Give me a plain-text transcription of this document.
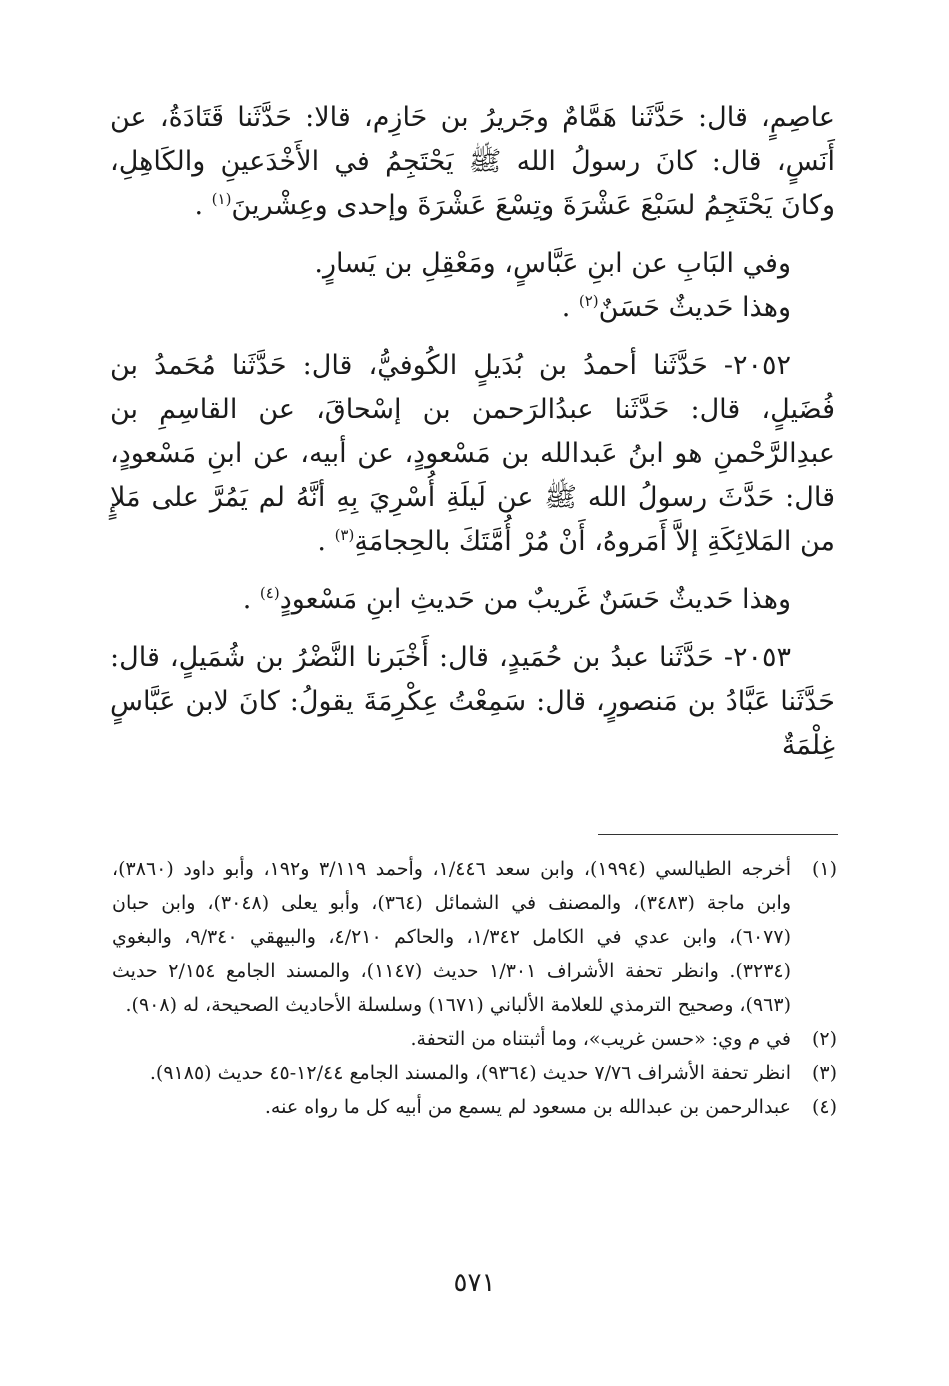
عاصِمٍ، قال: حَدَّثَنا هَمَّامٌ وجَريرُ بن حَازِم، قالا: حَدَّثَنا قَتَادَةُ، عن أَنَسٍ، قال: كانَ رسولُ الله ﷺ يَحْتَجِمُ في الأَخْدَعينِ والكَاهِلِ، وكانَ يَحْتَجِمُ لسَبْعَ عَشْرَةَ وتِسْعَ عَشْرَةَ وإحدى وعِشْرينَ$^{(١)}$ .

وفي البَابِ عن ابنِ عَبَّاسٍ، ومَعْقِلِ بن يَسارٍ.

وهذا حَديثٌ حَسَنٌ$^{(٢)}$ .

٢٠٥٢- حَدَّثَنا أحمدُ بن بُدَيلٍ الكُوفيُّ، قال: حَدَّثَنا مُحَمدُ بن فُضَيلٍ، قال: حَدَّثَنا عبدُالرَحمن بن إسْحاقَ، عن القاسِمِ بن عبدِالرَّحْمنِ هو ابنُ عَبدالله بن مَسْعودٍ، عن أبيه، عن ابنِ مَسْعودٍ، قال: حَدَّثَ رسولُ الله ﷺ عن لَيلَةِ أُسْرِيَ بِهِ أنَّهُ لم يَمُرَّ على مَلإٍ من المَلائِكَةِ إلاَّ أَمَروهُ، أَنْ مُرْ أُمَّتَكَ بالحِجامَةِ$^{(٣)}$ .

وهذا حَديثٌ حَسَنٌ غَريبٌ من حَديثِ ابنِ مَسْعودٍ$^{(٤)}$ .

٢٠٥٣- حَدَّثَنا عبدُ بن حُمَيدٍ، قال: أَخْبَرنا النَّضْرُ بن شُمَيلٍ، قال: حَدَّثَنا عَبَّادُ بن مَنصورٍ، قال: سَمِعْتُ عِكْرِمَةَ يقولُ: كانَ لابن عَبَّاسٍ غِلْمَةٌ

(١)
أخرجه الطيالسي (١٩٩٤)، وابن سعد ١/٤٤٦، وأحمد ٣/١١٩ و١٩٢، وأبو داود (٣٨٦٠)، وابن ماجة (٣٤٨٣)، والمصنف في الشمائل (٣٦٤)، وأبو يعلى (٣٠٤٨)، وابن حبان (٦٠٧٧)، وابن عدي في الكامل ١/٣٤٢، والحاكم ٤/٢١٠، والبيهقي ٩/٣٤٠، والبغوي (٣٢٣٤). وانظر تحفة الأشراف ١/٣٠١ حديث (١١٤٧)، والمسند الجامع ٢/١٥٤ حديث (٩٦٣)، وصحيح الترمذي للعلامة الألباني (١٦٧١) وسلسلة الأحاديث الصحيحة، له (٩٠٨).
(٢)
في م وي: «حسن غريب»، وما أثبتناه من التحفة.
(٣)
انظر تحفة الأشراف ٧/٧٦ حديث (٩٣٦٤)، والمسند الجامع ١٢/٤٤-٤٥ حديث (٩١٨٥).
(٤)
عبدالرحمن بن عبدالله بن مسعود لم يسمع من أبيه كل ما رواه عنه.
٥٧١
